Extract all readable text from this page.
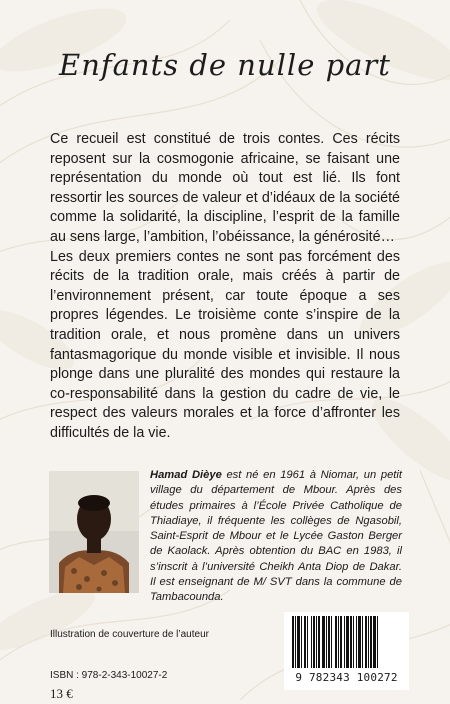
Enfants de nulle part

Ce recueil est constitué de trois contes. Ces récits reposent sur la cosmogonie africaine, se faisant une représentation du monde où tout est lié. Ils font ressortir les sources de valeur et d’idéaux de la société comme la solidarité, la discipline, l’esprit de la famille au sens large, l’ambition, l’obéissance, la générosité…

Les deux premiers contes ne sont pas forcément des récits de la tradition orale, mais créés à partir de l’environnement présent, car toute époque a ses propres légendes. Le troisième conte s’inspire de la tradition orale, et nous promène dans un univers fantasmagorique du monde visible et invisible. Il nous plonge dans une pluralité des mondes qui restaure la co-responsabilité dans la gestion du cadre de vie, le respect des valeurs morales et la force d’affronter les difficultés de la vie.

Hamad Dièye est né en 1961 à Niomar, un petit village du département de Mbour. Après des études primaires à l’École Privée Catholique de Thiadiaye, il fréquente les collèges de Ngasobil, Saint-Esprit de Mbour et le Lycée Gaston Berger de Kaolack. Après obtention du BAC en 1983, il s’inscrit à l’université Cheikh Anta Diop de Dakar. Il est enseignant de M/ SVT dans la commune de Tambacounda.

Illustration de couverture de l’auteur
ISBN : 978-2-343-10027-2
13 €
9 782343 100272
